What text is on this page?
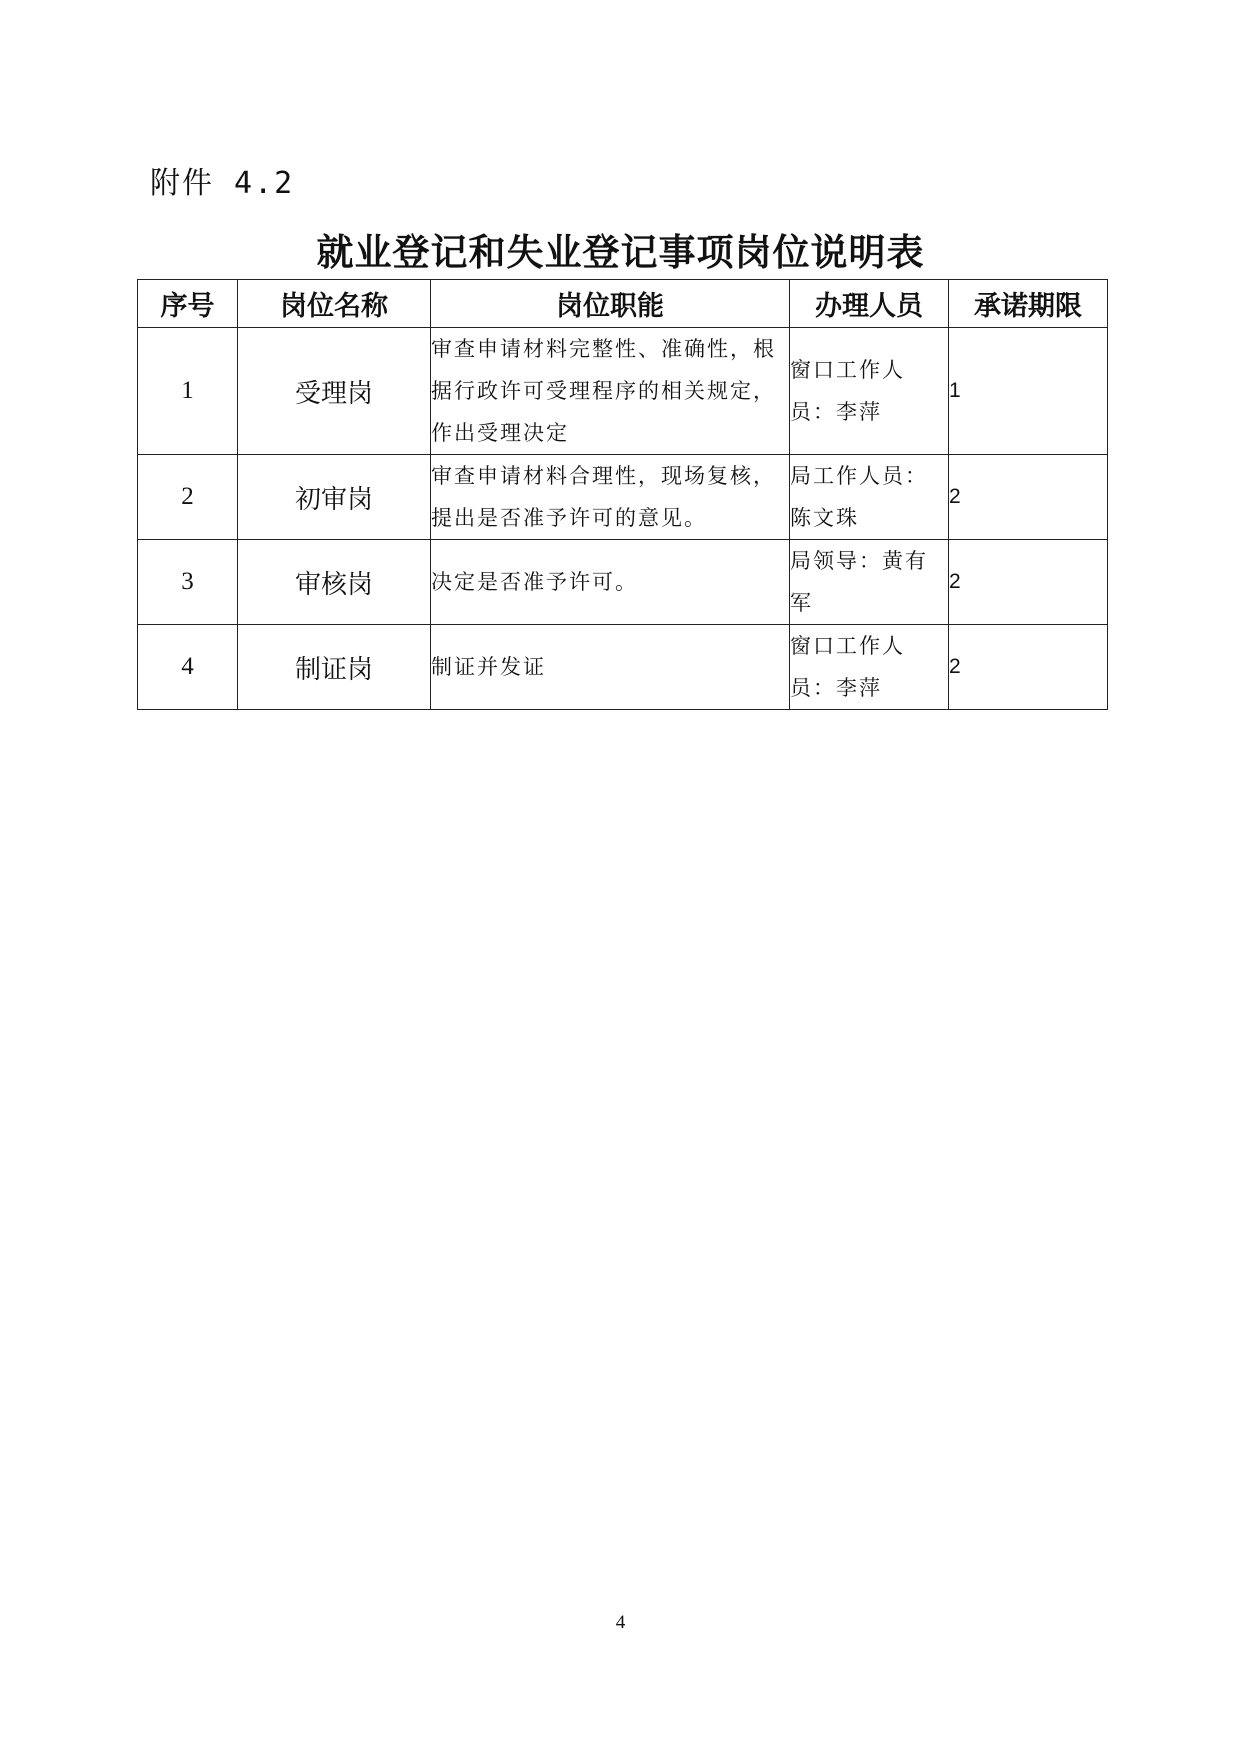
附件 4.2
就业登记和失业登记事项岗位说明表
序号	岗位名称	岗位职能	办理人员	承诺期限
1	受理岗	审查申请材料完整性、准确性，根据行政许可受理程序的相关规定，作出受理决定	窗口工作人员：李萍	1
2	初审岗	审查申请材料合理性，现场复核，提出是否准予许可的意见。	局工作人员：陈文珠	2
3	审核岗	决定是否准予许可。	局领导：黄有军	2
4	制证岗	制证并发证	窗口工作人员：李萍	2
4
